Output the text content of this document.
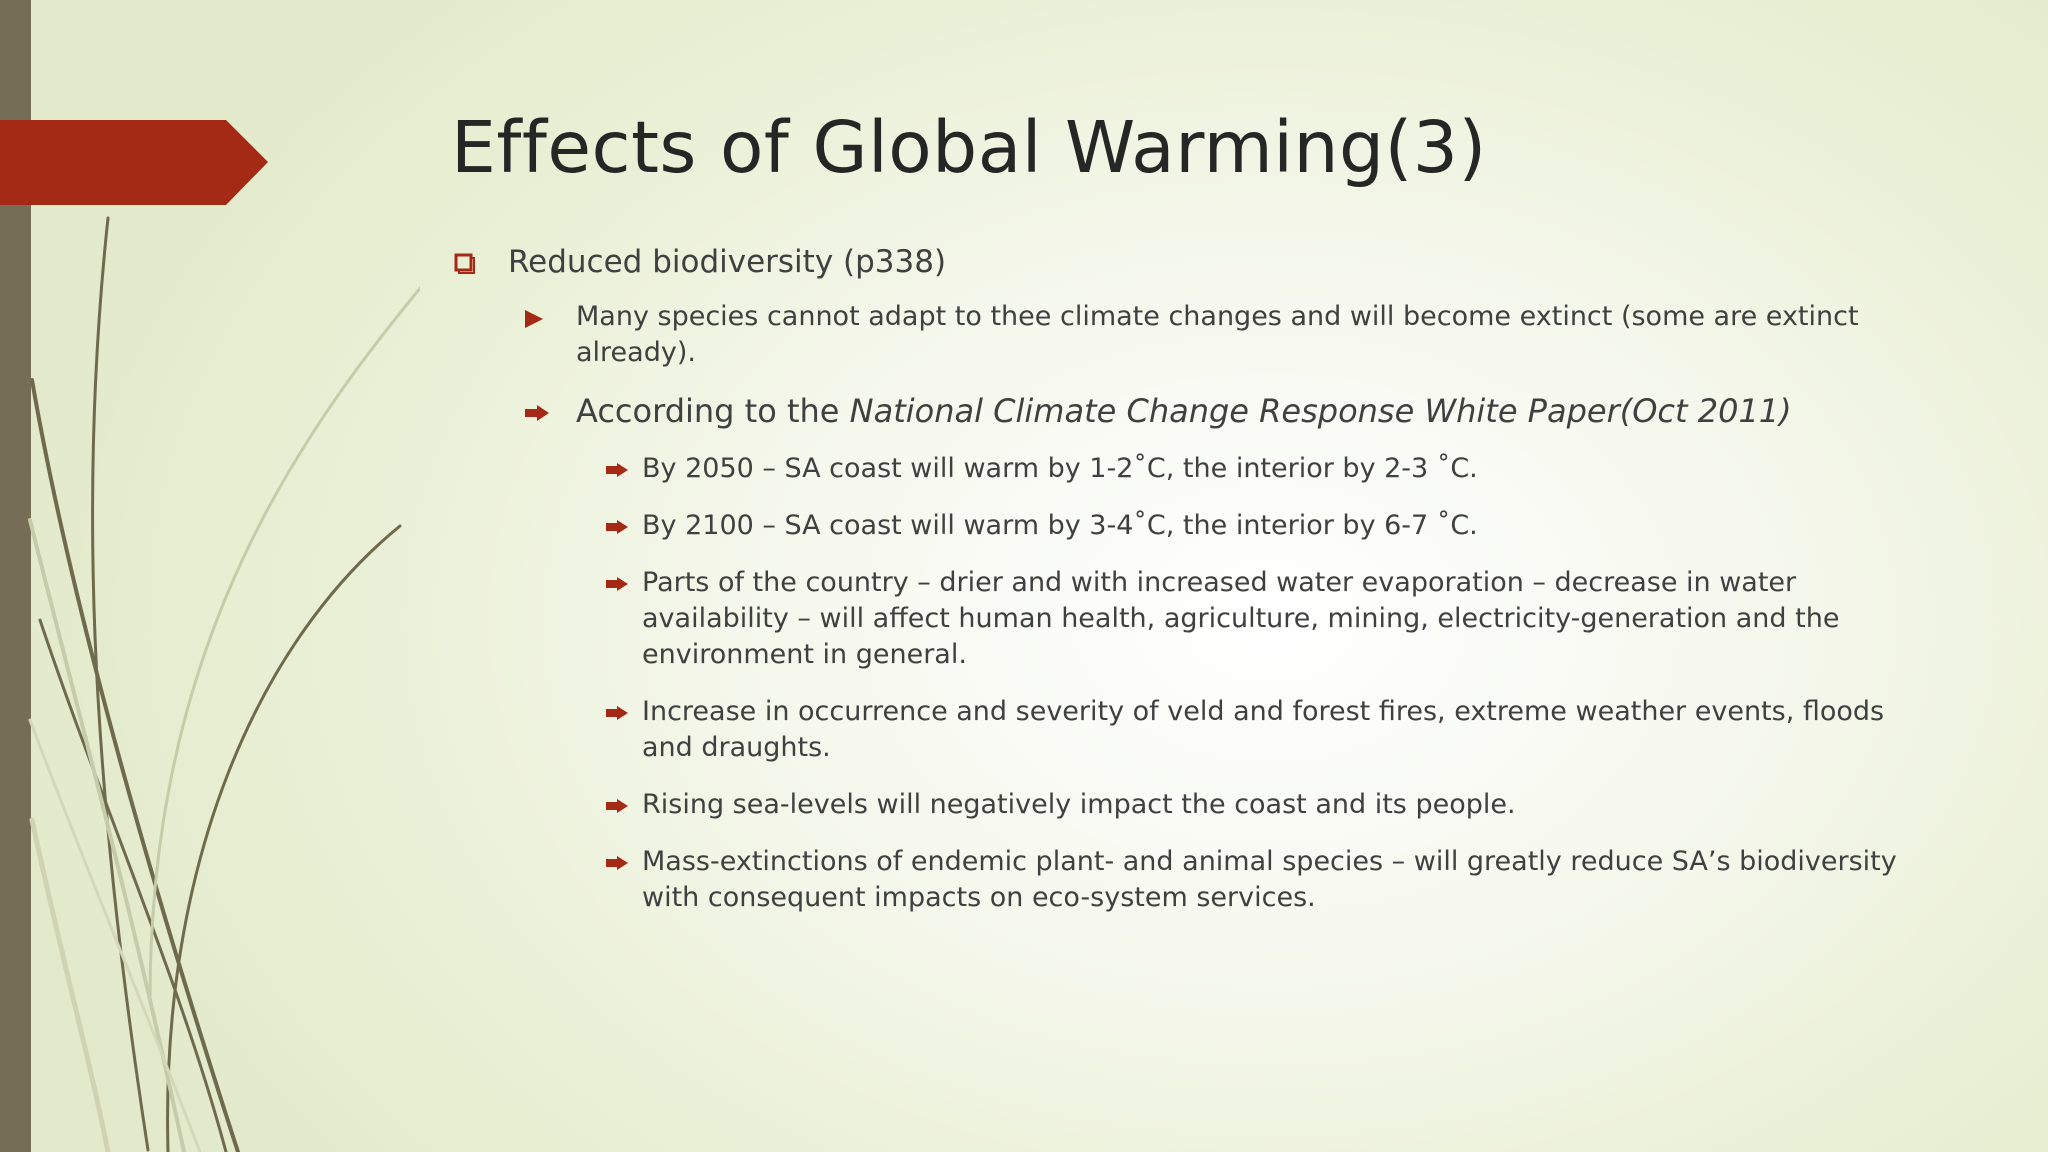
Effects of Global Warming(3)
Reduced biodiversity (p338)
Many species cannot adapt to thee climate changes and will become extinct (some are extinct already).
According to the National Climate Change Response White Paper(Oct 2011)
By 2050 – SA coast will warm by 1-2˚C, the interior by 2-3 ˚C.
By 2100 – SA coast will warm by 3-4˚C, the interior by 6-7 ˚C.
Parts of the country – drier and with increased water evaporation – decrease in water availability – will affect human health, agriculture, mining, electricity-generation and the environment in general.
Increase in occurrence and severity of veld and forest fires, extreme weather events, floods and draughts.
Rising sea-levels will negatively impact the coast and its people.
Mass-extinctions of endemic plant- and animal species – will greatly reduce SA’s biodiversity with consequent impacts on eco-system services.
